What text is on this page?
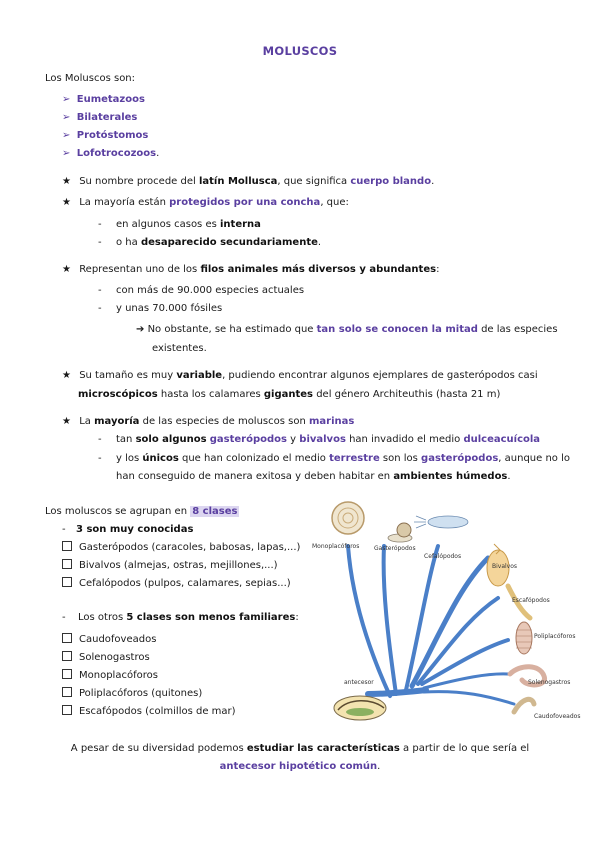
MOLUSCOS
Los Moluscos son:
➢ Eumetazoos
➢ Bilaterales
➢ Protóstomos
➢ Lofotrocozoos.
★ Su nombre procede del latín Mollusca, que significa cuerpo blando.
★ La mayoría están protegidos por una concha, que:
- en algunos casos es interna
- o ha desaparecido secundariamente.
★ Representan uno de los filos animales más diversos y abundantes:
- con más de 90.000 especies actuales
- y unas 70.000 fósiles
➔ No obstante, se ha estimado que tan solo se conocen la mitad de las especies
existentes.
★ Su tamaño es muy variable, pudiendo encontrar algunos ejemplares de gasterópodos casi
microscópicos hasta los calamares gigantes del género Architeuthis (hasta 21 m)
★ La mayoría de las especies de moluscos son marinas
- tan solo algunos gasterópodos y bivalvos han invadido el medio dulceacuícola
- y los únicos que han colonizado el medio terrestre son los gasterópodos, aunque no lo
han conseguido de manera exitosa y deben habitar en ambientes húmedos.
Los moluscos se agrupan en 8 clases
- 3 son muy conocidas
Gasterópodos (caracoles, babosas, lapas,...)
Bivalvos (almejas, ostras, mejillones,...)
Cefalópodos (pulpos, calamares, sepias...)
- Los otros 5 clases son menos familiares:
Caudofoveados
Solenogastros
Monoplacóforos
Poliplacóforos (quitones)
Escafópodos (colmillos de mar)
Monoplacóforos Gasterópodos
Cefalópodos
Bivalvos
Escafópodos
Poliplacóforos
Solenogastros
Caudofoveados
antecesor
A pesar de su diversidad podemos estudiar las características a partir de lo que sería el
antecesor hipotético común.
